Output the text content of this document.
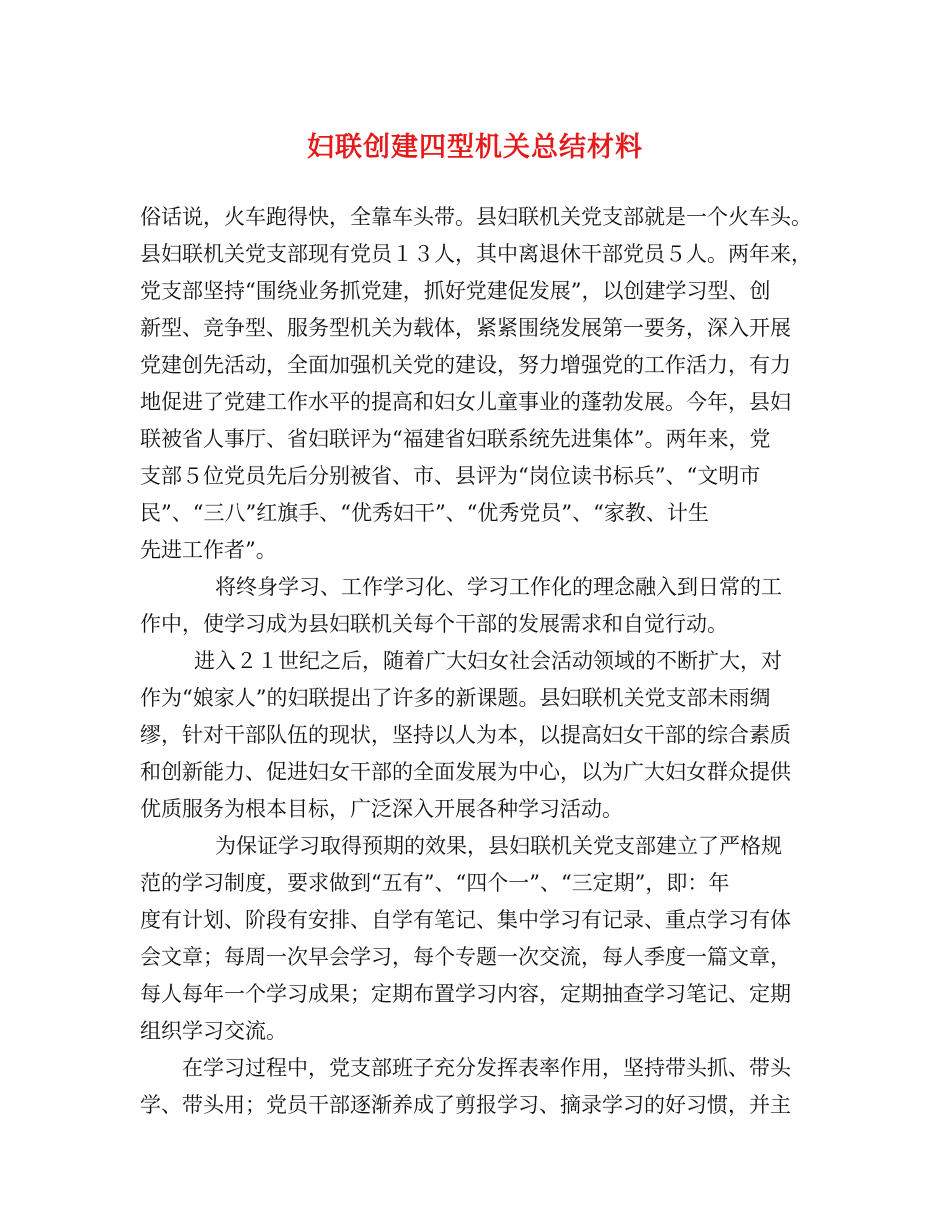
妇联创建四型机关总结材料

俗话说，火车跑得快，全靠车头带。县妇联机关党支部就是一个火车头。

县妇联机关党支部现有党员１３人，其中离退休干部党员５人。两年来，

党支部坚持“围绕业务抓党建，抓好党建促发展”，以创建学习型、创

新型、竞争型、服务型机关为载体，紧紧围绕发展第一要务，深入开展

党建创先活动，全面加强机关党的建设，努力增强党的工作活力，有力

地促进了党建工作水平的提高和妇女儿童事业的蓬勃发展。今年，县妇

联被省人事厅、省妇联评为“福建省妇联系统先进集体”。两年来，党

支部５位党员先后分别被省、市、县评为“岗位读书标兵”、“文明市

民”、“三八”红旗手、“优秀妇干”、“优秀党员”、“家教、计生

先进工作者”。

将终身学习、工作学习化、学习工作化的理念融入到日常的工

作中，使学习成为县妇联机关每个干部的发展需求和自觉行动。

进入２１世纪之后，随着广大妇女社会活动领域的不断扩大，对

作为“娘家人”的妇联提出了许多的新课题。县妇联机关党支部未雨绸

缪，针对干部队伍的现状，坚持以人为本，以提高妇女干部的综合素质

和创新能力、促进妇女干部的全面发展为中心，以为广大妇女群众提供

优质服务为根本目标，广泛深入开展各种学习活动。

为保证学习取得预期的效果，县妇联机关党支部建立了严格规

范的学习制度，要求做到“五有”、“四个一”、“三定期”，即：年

度有计划、阶段有安排、自学有笔记、集中学习有记录、重点学习有体

会文章；每周一次早会学习，每个专题一次交流，每人季度一篇文章，

每人每年一个学习成果；定期布置学习内容，定期抽查学习笔记、定期

组织学习交流。

在学习过程中，党支部班子充分发挥表率作用，坚持带头抓、带头

学、带头用；党员干部逐渐养成了剪报学习、摘录学习的好习惯，并主
